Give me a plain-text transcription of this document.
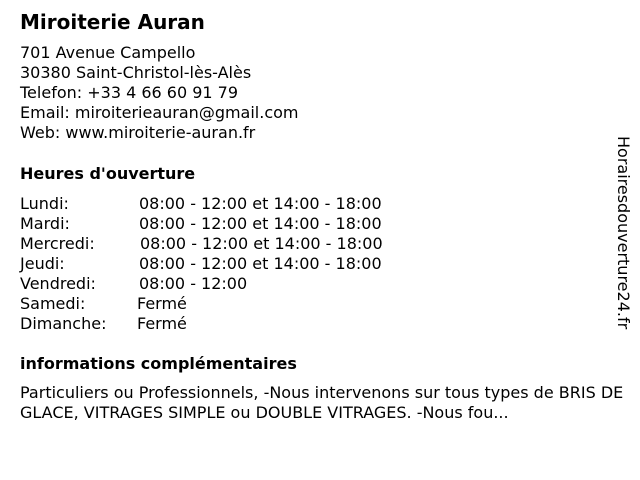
Miroiterie Auran
701 Avenue Campello
30380 Saint-Christol-lès-Alès
Telefon: +33 4 66 60 91 79
Email: miroiterieauran@gmail.com
Web: www.miroiterie-auran.fr
Heures d'ouverture
Lundi:	08:00 - 12:00 et 14:00 - 18:00
Mardi:	08:00 - 12:00 et 14:00 - 18:00
Mercredi:	08:00 - 12:00 et 14:00 - 18:00
Jeudi:	08:00 - 12:00 et 14:00 - 18:00
Vendredi:	08:00 - 12:00
Samedi:	Fermé
Dimanche: Fermé
informations complémentaires

Particuliers ou Professionnels, -Nous intervenons sur tous types de BRIS DE GLACE, VITRAGES SIMPLE ou DOUBLE VITRAGES. -Nous fou...

Horairesdouverture24.fr
